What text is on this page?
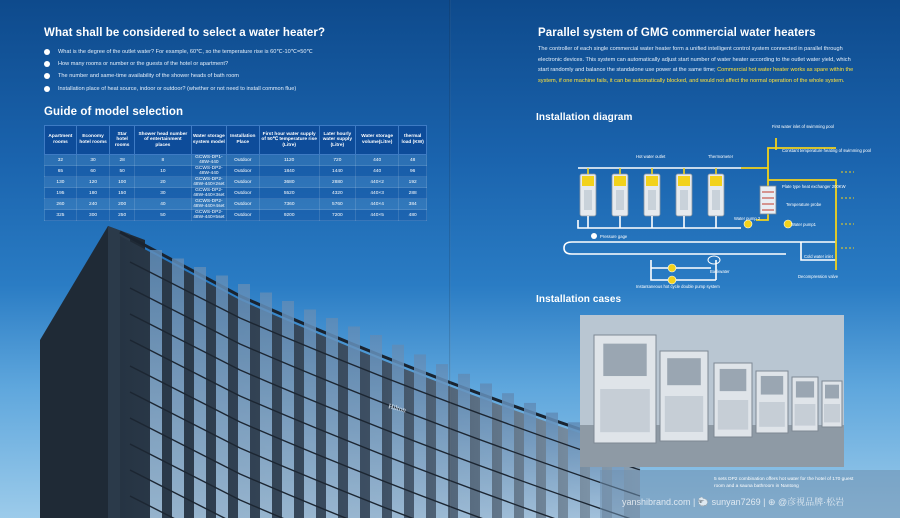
What shall be considered to select a water heater?
What is the degree of the outlet water? For example, 60℃, so the temperature rise is 60℃-10℃=50℃
How many rooms or number or the guests of the hotel or apartment?
The number and same-time availability of the shower heads of bath room
Installation place of heat source, indoor or outdoor? (whether or not need to install common flue)
Guide of model selection
Apartment rooms	Economy hotel rooms	Star hotel rooms	Shower head number of entertainment places	Water storage system model	Installation Place	First hour water supply of 50℃ temperature rise (Litre)	Later hourly water supply (Litre)	Water storage volume(Litre)	thermal load (KW)
32	30	28	8	GCWS-DP1-48W-440	Outdoor	1120	720	440	48
65	60	50	10	GCWS-DP2-48W-440	Outdoor	1840	1440	440	96
130	120	100	20	GCWS-DP2-48W-440×2set	Outdoor	3680	2880	440×2	192
195	180	150	30	GCWS-DP2-48W-440×3set	Outdoor	5520	4320	440×3	288
260	240	200	40	GCWS-DP2-48W-440×4set	Outdoor	7360	5760	440×4	384
325	300	250	50	GCWS-DP2-48W-440×5set	Outdoor	9200	7200	440×5	480
Hilton
Parallel system of GMG commercial water heaters
Installation diagram
Installation cases
The controller of each single commercial water heater form a unified intelligent control system connected in parallel through electronic devices. This system can automatically adjust start number of water heater according to the outlet water yield, which start randomly and balance the standalone use power at the same time; Commercial hot water heater works as spare within the system, if one machine fails, it can be automatically blocked, and would not affect the normal operation of the whole system.
First water inlet of swimming pool
Constant temperature heating of swimming pool
Hot water outlet	Thermometer
Plate type heat exchanger 200KW
Temperature probe
Water pump1
Water pump 2
Pressure gage
Cold water inlet
Backwater
Decompression valve
Instantaneous hot cycle double pump system
5 sets DP2 combination offers hot water for the hotel of 170 guest room and a sauna bathroom in Nantong
yanshibrand.com | 🐑 sunyan7269 | ⊕ @彦视品牌·松岩
